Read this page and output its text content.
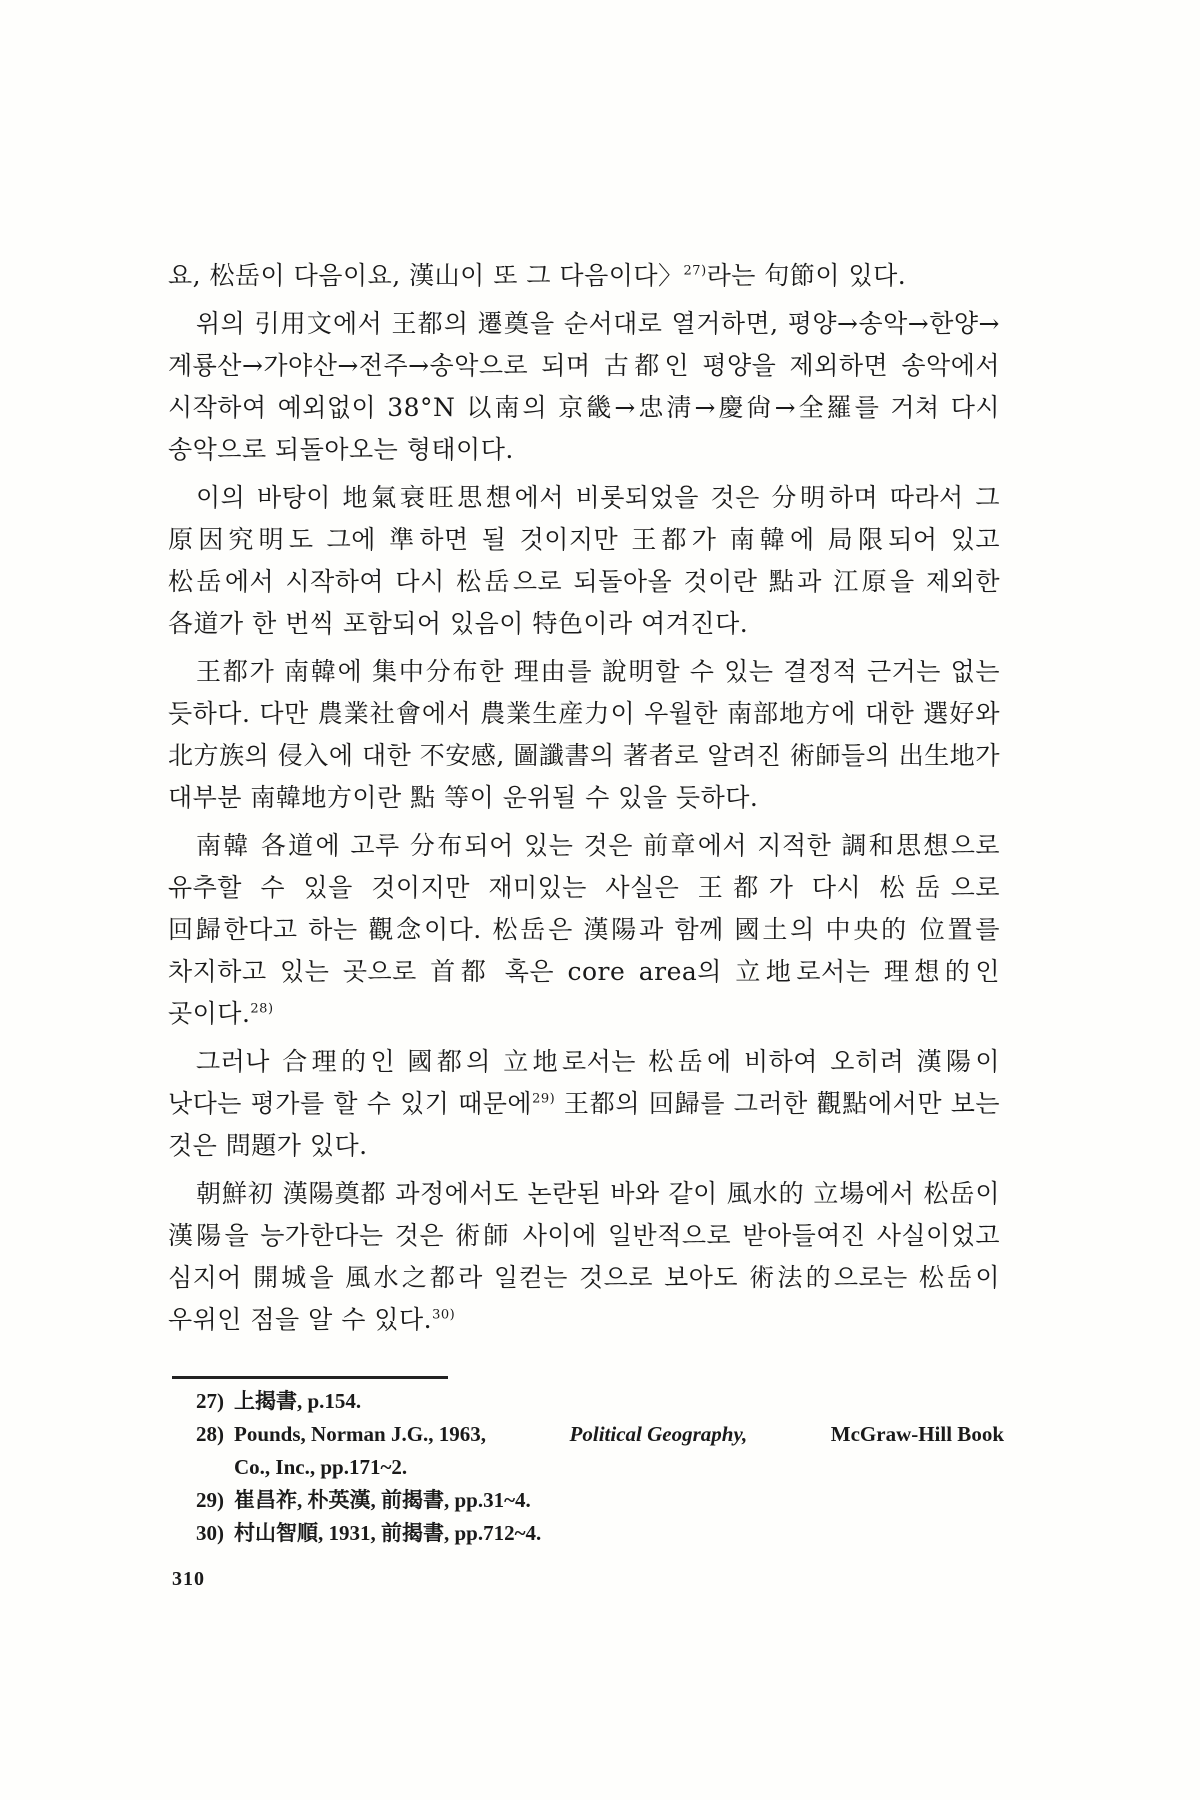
요, 松岳이 다음이요, 漢山이 또 그 다음이다〉$^{27)}$라는 句節이 있다.

위의 引用文에서 王都의 遷奠을 순서대로 열거하면, 평양→송악→한양→계룡산→가야산→전주→송악으로 되며 古都인 평양을 제외하면 송악에서 시작하여 예외없이 38°N 以南의 京畿→忠淸→慶尙→全羅를 거쳐 다시 송악으로 되돌아오는 형태이다.

이의 바탕이 地氣衰旺思想에서 비롯되었을 것은 分明하며 따라서 그 原因究明도 그에 準하면 될 것이지만 王都가 南韓에 局限되어 있고 松岳에서 시작하여 다시 松岳으로 되돌아올 것이란 點과 江原을 제외한 各道가 한 번씩 포함되어 있음이 特色이라 여겨진다.

王都가 南韓에 集中分布한 理由를 說明할 수 있는 결정적 근거는 없는 듯하다. 다만 農業社會에서 農業生産力이 우월한 南部地方에 대한 選好와 北方族의 侵入에 대한 不安感, 圖讖書의 著者로 알려진 術師들의 出生地가 대부분 南韓地方이란 點 等이 운위될 수 있을 듯하다.

南韓 各道에 고루 分布되어 있는 것은 前章에서 지적한 調和思想으로 유추할 수 있을 것이지만 재미있는 사실은 王都가 다시 松岳으로 回歸한다고 하는 觀念이다. 松岳은 漢陽과 함께 國土의 中央的 位置를 차지하고 있는 곳으로 首都 혹은 core area의 立地로서는 理想的인 곳이다.$^{28)}$

그러나 合理的인 國都의 立地로서는 松岳에 비하여 오히려 漢陽이 낫다는 평가를 할 수 있기 때문에$^{29)}$ 王都의 回歸를 그러한 觀點에서만 보는 것은 問題가 있다.

朝鮮初 漢陽奠都 과정에서도 논란된 바와 같이 風水的 立場에서 松岳이 漢陽을 능가한다는 것은 術師 사이에 일반적으로 받아들여진 사실이었고 심지어 開城을 風水之都라 일컫는 것으로 보아도 術法的으로는 松岳이 우위인 점을 알 수 있다.$^{30)}$

27) 上揭書, p.154.
28) Pounds, Norman J.G., 1963,	Political Geography,	McGraw-Hill Book
Co., Inc., pp.171~2.
29) 崔昌祚, 朴英漢, 前揭書, pp.31~4.
30) 村山智順, 1931, 前揭書, pp.712~4.
310
